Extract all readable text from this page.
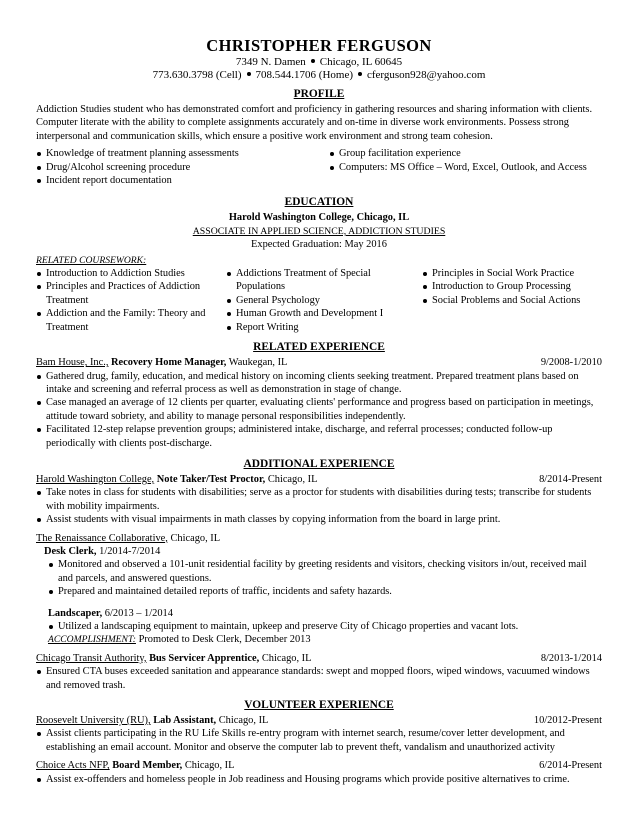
CHRISTOPHER FERGUSON
7349 N. Damen Chicago, IL 60645
773.630.3798 (Cell) 708.544.1706 (Home) cferguson928@yahoo.com
PROFILE
Addiction Studies student who has demonstrated comfort and proficiency in gathering resources and sharing information with clients. Computer literate with the ability to complete assignments accurately and on-time in diverse work environments. Possess strong interpersonal and communication skills, which ensure a positive work environment and strong team cohesion.
Knowledge of treatment planning assessments
Drug/Alcohol screening procedure
Incident report documentation
Group facilitation experience
Computers: MS Office – Word, Excel, Outlook, and Access
EDUCATION
Harold Washington College, Chicago, IL
ASSOCIATE IN APPLIED SCIENCE, ADDICTION STUDIES
Expected Graduation: May 2016
RELATED COURSEWORK:
Introduction to Addiction Studies
Principles and Practices of Addiction Treatment
Addiction and the Family: Theory and Treatment
Addictions Treatment of Special Populations
General Psychology
Human Growth and Development I
Report Writing
Principles in Social Work Practice
Introduction to Group Processing
Social Problems and Social Actions
RELATED EXPERIENCE
Bam House, Inc., Recovery Home Manager, Waukegan, IL	9/2008-1/2010
Gathered drug, family, education, and medical history on incoming clients seeking treatment. Prepared treatment plans based on intake and screening and referral process as well as demonstration in stage of change.
Case managed an average of 12 clients per quarter, evaluating clients' performance and progress based on participation in meetings, attitude toward sobriety, and ability to manage personal responsibilities independently.
Facilitated 12-step relapse prevention groups; administered intake, discharge, and referral processes; conducted follow-up periodically with clients post-discharge.
ADDITIONAL EXPERIENCE
Harold Washington College, Note Taker/Test Proctor, Chicago, IL	8/2014-Present
Take notes in class for students with disabilities; serve as a proctor for students with disabilities during tests; transcribe for students with mobility impairments.
Assist students with visual impairments in math classes by copying information from the board in large print.
The Renaissance Collaborative, Chicago, IL
Desk Clerk, 1/2014-7/2014
Monitored and observed a 101-unit residential facility by greeting residents and visitors, checking visitors in/out, received mail and parcels, and answered questions.
Prepared and maintained detailed reports of traffic, incidents and safety hazards.
Landscaper, 6/2013 – 1/2014
Utilized a landscaping equipment to maintain, upkeep and preserve City of Chicago properties and vacant lots.
ACCOMPLISHMENT: Promoted to Desk Clerk, December 2013
Chicago Transit Authority, Bus Servicer Apprentice, Chicago, IL	8/2013-1/2014
Ensured CTA buses exceeded sanitation and appearance standards: swept and mopped floors, wiped windows, vacuumed windows and removed trash.
VOLUNTEER EXPERIENCE
Roosevelt University (RU), Lab Assistant, Chicago, IL	10/2012-Present
Assist clients participating in the RU Life Skills re-entry program with internet search, resume/cover letter development, and establishing an email account. Monitor and observe the computer lab to prevent theft, vandalism and unauthorized activity
Choice Acts NFP, Board Member, Chicago, IL	6/2014-Present
Assist ex-offenders and homeless people in Job readiness and Housing programs which provide positive alternatives to crime.
